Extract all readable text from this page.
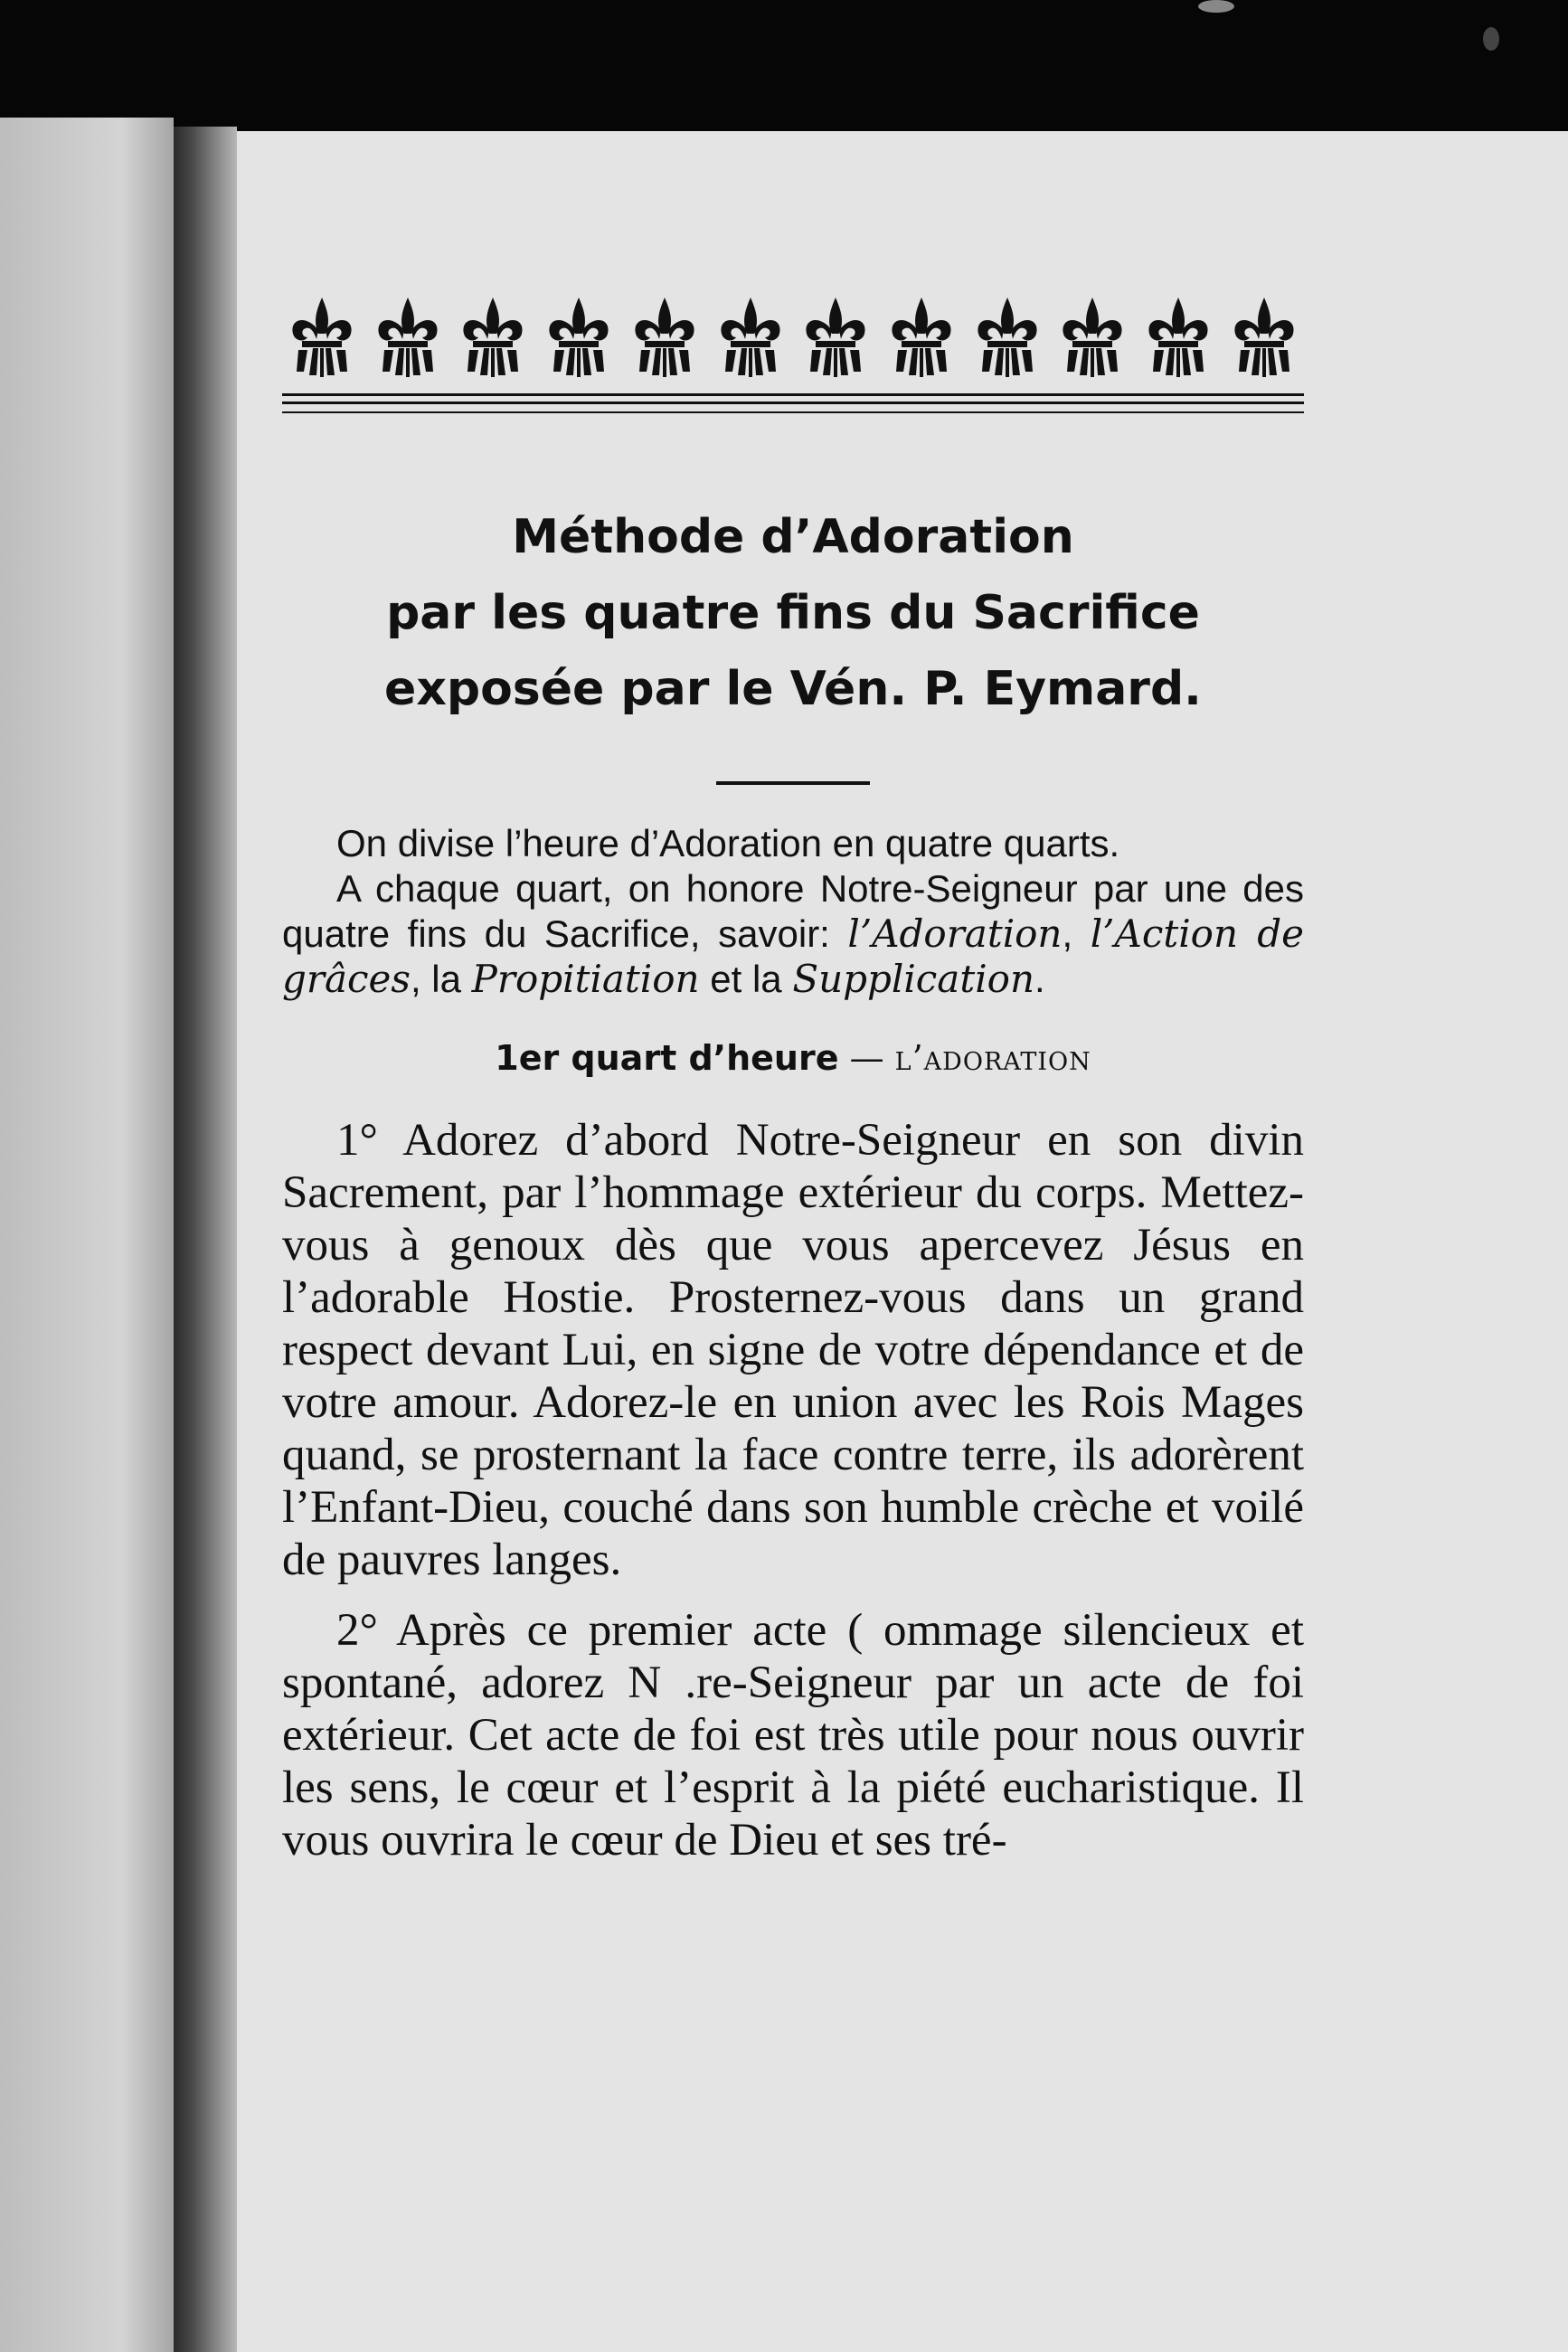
Méthode d’Adoration
par les quatre fins du Sacrifice
exposée par le Vén. P. Eymard.

On divise l’heure d’Adoration en quatre quarts.

A chaque quart, on honore Notre-Seigneur par une des quatre fins du Sacrifice, savoir: l’Adoration, l’Action de grâces, la Propitiation et la Supplication.

1er quart d’heure — l’adoration

1° Adorez d’abord Notre-Seigneur en son divin Sacrement, par l’hommage extérieur du corps. Mettez-vous à genoux dès que vous apercevez Jésus en l’adorable Hostie. Prosternez-vous dans un grand respect devant Lui, en signe de votre dépendance et de votre amour. Adorez-le en union avec les Rois Mages quand, se prosternant la face contre terre, ils adorèrent l’Enfant-Dieu, couché dans son humble crèche et voilé de pauvres langes.

2° Après ce premier acte ( ommage silencieux et spontané, adorez N .re-Seigneur par un acte de foi extérieur. Cet acte de foi est très utile pour nous ouvrir les sens, le cœur et l’esprit à la piété eucharistique. Il vous ouvrira le cœur de Dieu et ses tré-
